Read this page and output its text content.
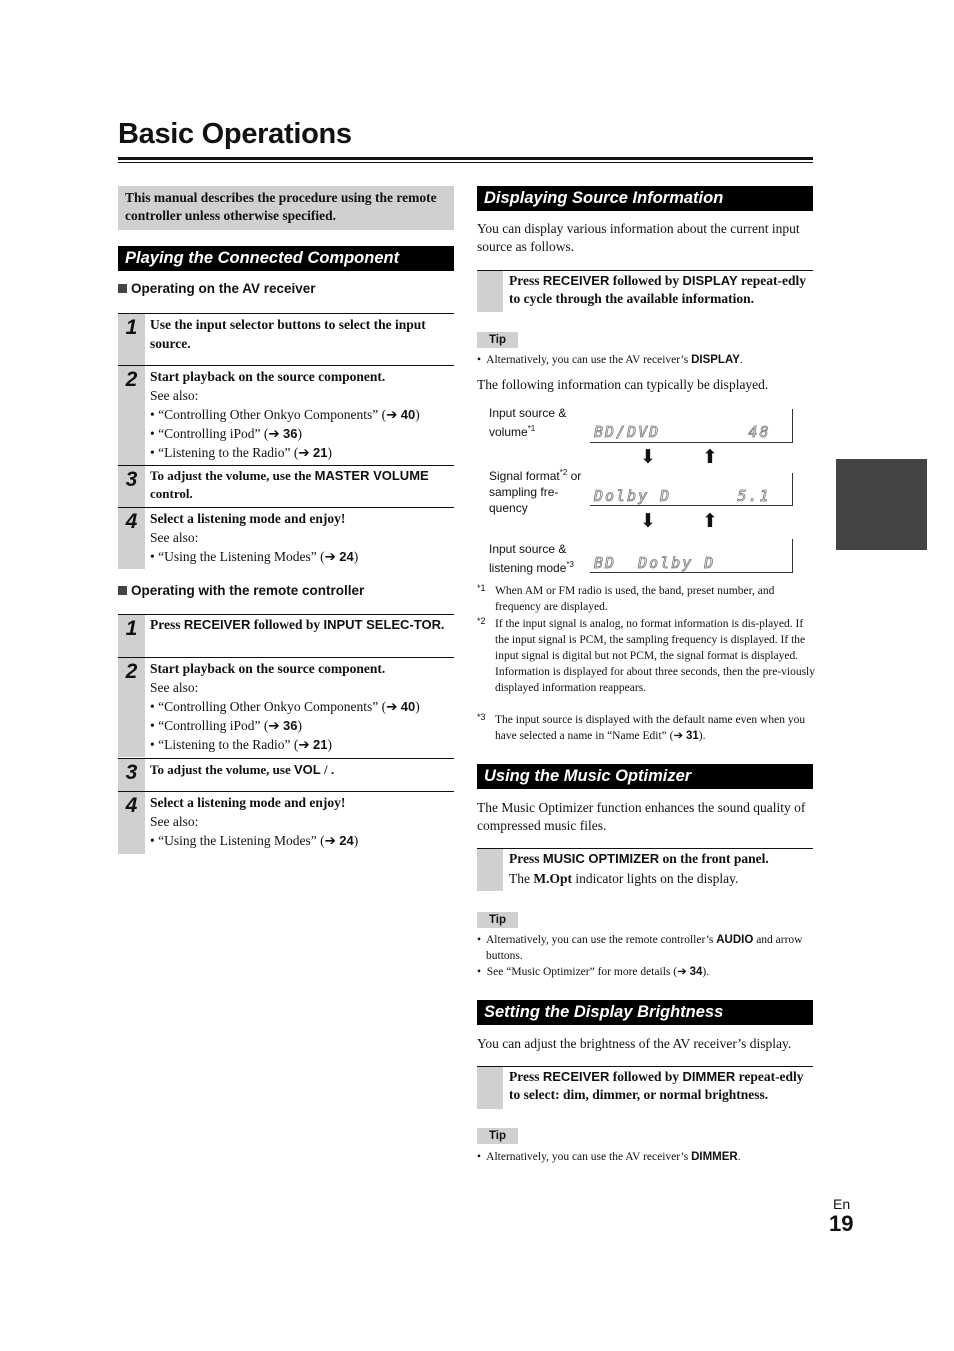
Basic Operations
This manual describes the procedure using the remote controller unless otherwise specified.
Playing the Connected Component
Operating on the AV receiver
1 Use the input selector buttons to select the input source.
2 Start playback on the source component.
See also:
• “Controlling Other Onkyo Components” (➔ 40)
• “Controlling iPod” (➔ 36)
• “Listening to the Radio” (➔ 21)
3 To adjust the volume, use the MASTER VOLUME control.
4 Select a listening mode and enjoy!
See also:
• “Using the Listening Modes” (➔ 24)
Operating with the remote controller
1 Press RECEIVER followed by INPUT SELEC-TOR.
2 Start playback on the source component.
See also:
• “Controlling Other Onkyo Components” (➔ 40)
• “Controlling iPod” (➔ 36)
• “Listening to the Radio” (➔ 21)
3 To adjust the volume, use VOL / .
4 Select a listening mode and enjoy!
See also:
• “Using the Listening Modes” (➔ 24)
Displaying Source Information
You can display various information about the current input source as follows.
Press RECEIVER followed by DISPLAY repeat-edly to cycle through the available information.
Tip
• Alternatively, you can use the AV receiver’s DISPLAY.
The following information can typically be displayed.
Input source & volume$^{*1}$	BD/DVD        48
⬇ ⬆
Signal format$^{*2}$ or sampling fre-quency
Dolby D      5.1
⬇ ⬆
Input source & listening mode$^{*3}$	BD  Dolby D
*1 When AM or FM radio is used, the band, preset number, and frequency are displayed.
*2 If the input signal is analog, no format information is dis-played. If the input signal is PCM, the sampling frequency is displayed. If the input signal is digital but not PCM, the signal format is displayed.
Information is displayed for about three seconds, then the pre-viously displayed information reappears.
*3 The input source is displayed with the default name even when you have selected a name in “Name Edit” (➔ 31).
Using the Music Optimizer
The Music Optimizer function enhances the sound quality of compressed music files.
Press MUSIC OPTIMIZER on the front panel.
The M.Opt indicator lights on the display.
Tip
• Alternatively, you can use the remote controller’s AUDIO and arrow buttons.
• See “Music Optimizer” for more details (➔ 34).
Setting the Display Brightness
You can adjust the brightness of the AV receiver’s display.
Press RECEIVER followed by DIMMER repeat-edly to select: dim, dimmer, or normal brightness.
Tip
• Alternatively, you can use the AV receiver’s DIMMER.
En
19
